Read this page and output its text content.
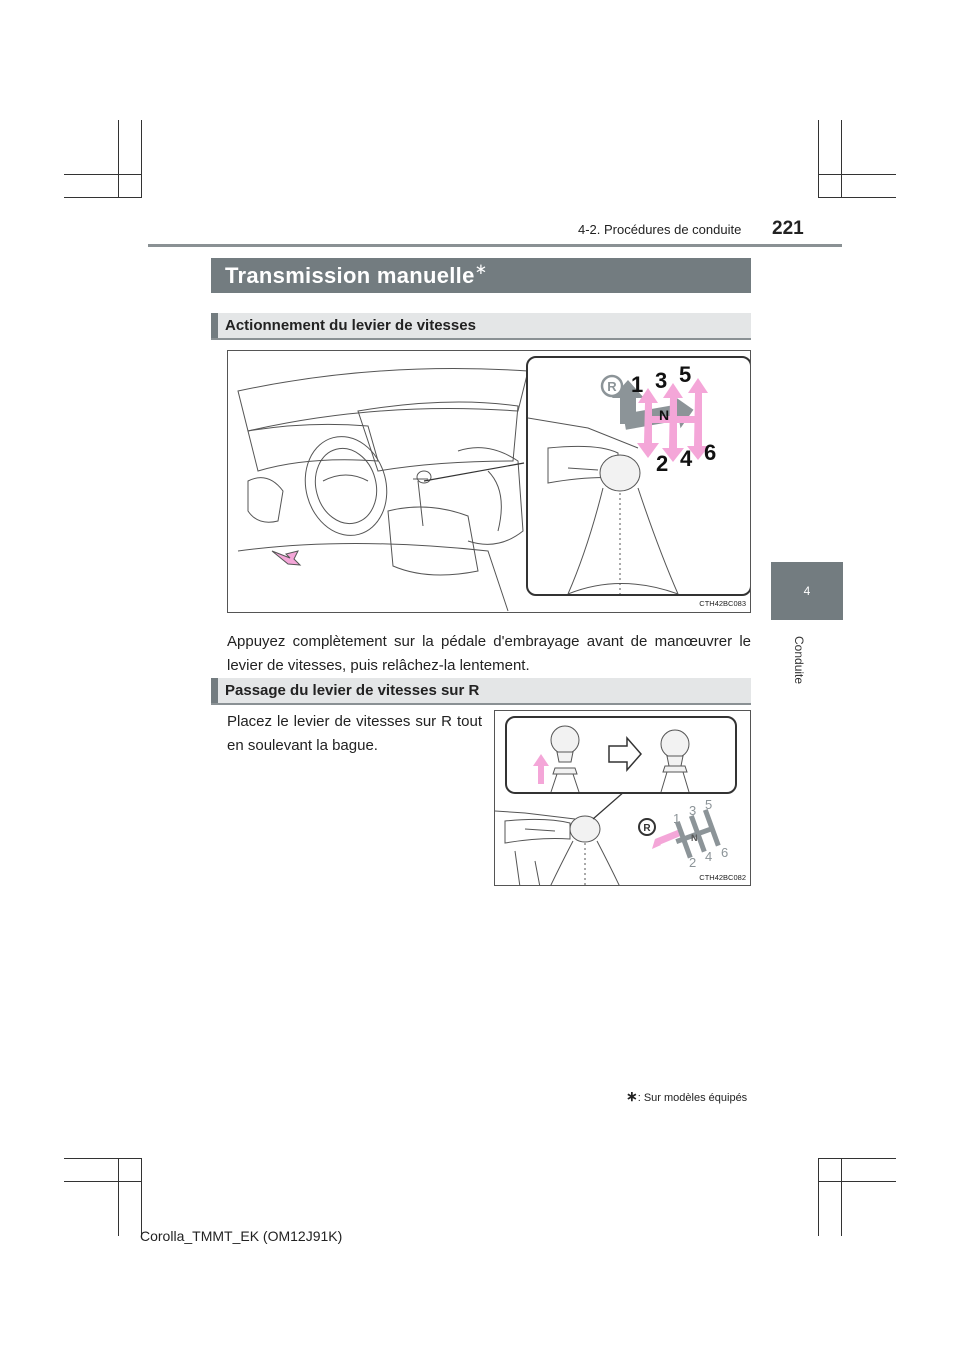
4-2. Procédures de conduite 221
Transmission manuelle∗
Actionnement du levier de vitesses
R 1 3 5
N
2 4 6
CTH42BC083
Appuyez complètement sur la pédale d'embrayage avant de manœuvrer le levier de vitesses, puis relâchez-la lentement.
Passage du levier de vitesses sur R
Placez le levier de vitesses sur R tout en soulevant la bague.
R
1
3 5
N
2 4 6
CTH42BC082
4
Conduite
∗: Sur modèles équipés
Corolla_TMMT_EK (OM12J91K)
